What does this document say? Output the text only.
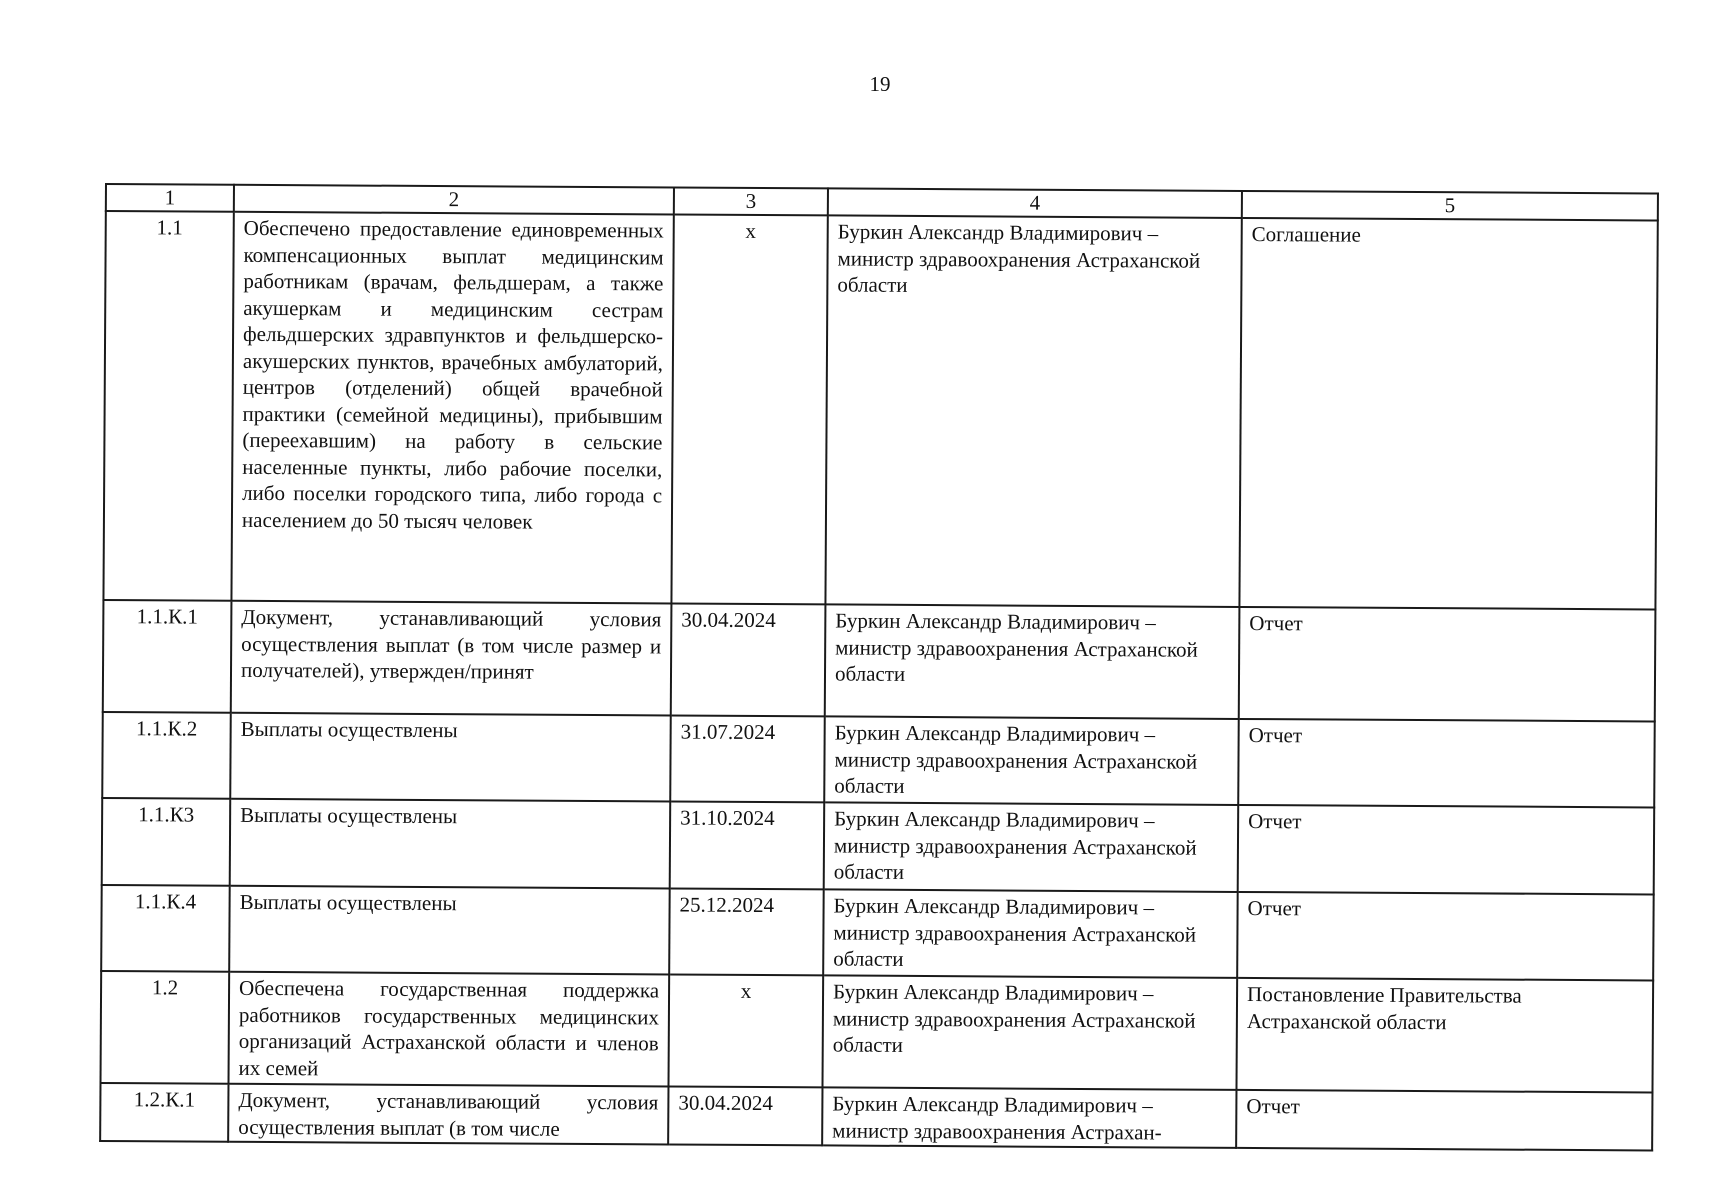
19
1	2	3	4	5
1.1	Обеспечено предоставление единовременных компенсационных выплат медицинским работникам (врачам, фельдшерам, а также акушеркам и медицинским сестрам фельдшерских здравпунктов и фельдшерско-акушерских пунктов, врачебных амбулаторий, центров (отделений) общей врачебной практики (семейной медицины), прибывшим (переехавшим) на работу в сельские населенные пункты, либо рабочие поселки, либо поселки городского типа, либо города с населением до 50 тысяч человек	х	Буркин Александр Владимирович – министр здравоохранения Астраханской области	Соглашение
1.1.К.1	Документ, устанавливающий условия осуществления выплат (в том числе размер и получателей), утвержден/принят	30.04.2024	Буркин Александр Владимирович – министр здравоохранения Астраханской области	Отчет
1.1.К.2	Выплаты осуществлены	31.07.2024	Буркин Александр Владимирович – министр здравоохранения Астраханской области	Отчет
1.1.К3	Выплаты осуществлены	31.10.2024	Буркин Александр Владимирович – министр здравоохранения Астраханской области	Отчет
1.1.К.4	Выплаты осуществлены	25.12.2024	Буркин Александр Владимирович – министр здравоохранения Астраханской области	Отчет
1.2	Обеспечена государственная поддержка работников государственных медицинских организаций Астраханской области и членов их семей	х	Буркин Александр Владимирович – министр здравоохранения Астраханской области	Постановление Правительства Астраханской области
1.2.К.1	Документ, устанавливающий условия осуществления выплат (в том числе	30.04.2024	Буркин Александр Владимирович – министр здравоохранения Астрахан-	Отчет
